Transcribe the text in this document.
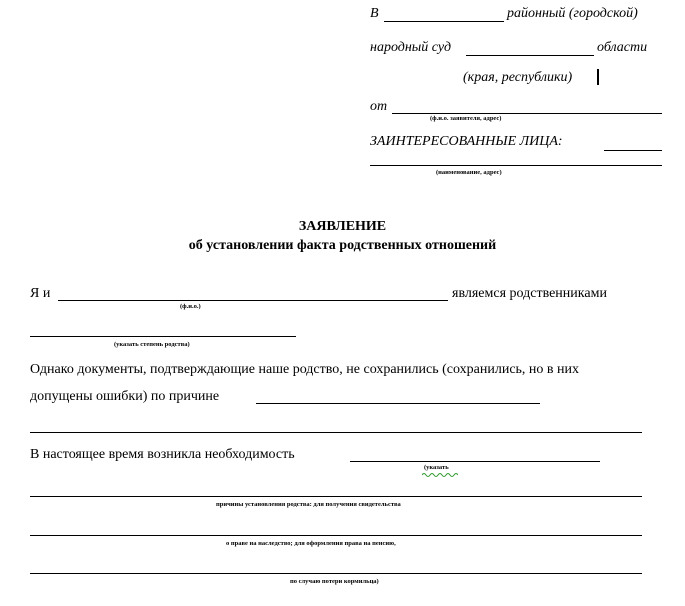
В	районный (городской)
народный суд	области
(края, республики)
от
(ф.и.о. заявителя, адрес)
ЗАИНТЕРЕСОВАННЫЕ ЛИЦА:
(наименование, адрес)
ЗАЯВЛЕНИЕ
об установлении факта родственных отношений
Я и	являемся родственниками
(ф.и.о.)
(указать степень родства)
Однако документы, подтверждающие наше родство, не сохранились (сохранились, но в них
допущены ошибки) по причине
В настоящее время возникла необходимость
(указать
причины установления родства: для получения свидетельства
о праве на наследство; для оформления права на пенсию,
по случаю потери кормильца)
